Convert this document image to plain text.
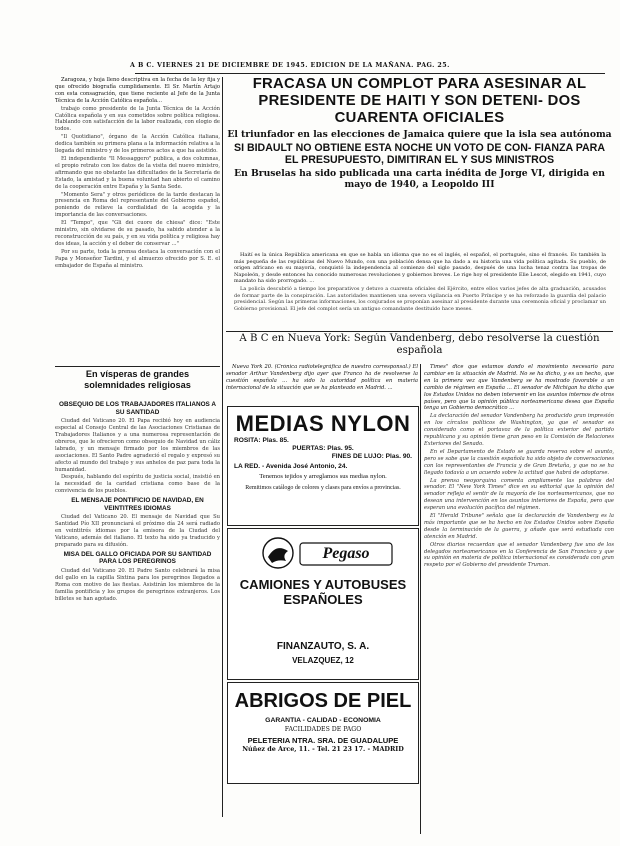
A B C. VIERNES 21 DE DICIEMBRE DE 1945. EDICION DE LA MAÑANA. PAG. 25.

Zaragoza, y hoja lleno descriptiva en la fecha de la ley fija y que ofrecido biografía cumplidamente. El Sr. Martín Artajo con esta consagración, que tiene reciente al Jefe de la Junta Técnica de la Acción Católica española...

trabajo como presidente de la Junta Técnica de la Acción Católica española y en sus cometidos sobre política religiosa. Hablando con satisfacción de la labor realizada, con elogio de todos.

"Il Quotidiano", órgano de la Acción Católica italiana, dedica también su primera plana a la información relativa a la llegada del ministro y de los primeros actos a que ha asistido.

El independiente "Il Messaggero" publica, a dos columnas, el propio retrato con los datos de la visita del nuevo ministro, afirmando que no obstante las dificultades de la Secretaría de Estado, la amistad y la buena voluntad han abierto el camino de la cooperación entre España y la Santa Sede.

"Momento Sera" y otros periódicos de la tarde destacan la presencia en Roma del representante del Gobierno español, poniendo de relieve la cordialidad de la acogida y la importancia de las conversaciones.

El "Tempo", que "Gli dei cuore de chiesa" dice: "Este ministro, sin olvidarse de su pasado, ha sabido atender a la reconstrucción de su país, y en su vida política y religiosa hay dos ideas, la acción y el deber de conservar ..."

Por su parte, toda la prensa destaca la conversación con el Papa y Monseñor Tardini, y el almuerzo ofrecido por S. E. el embajador de España al ministro.

En vísperas de grandes solemnidades religiosas
OBSEQUIO DE LOS TRABAJADORES ITALIANOS A SU SANTIDAD

Ciudad del Vaticano 20. El Papa recibió hoy en audiencia especial al Consejo Central de las Asociaciones Cristianas de Trabajadores Italianos y a una numerosa representación de obreros, que le ofrecieron como obsequio de Navidad un cáliz labrado, y un mensaje firmado por los miembros de las asociaciones. El Santo Padre agradeció el regalo y expresó su afecto al mundo del trabajo y sus anhelos de paz para toda la humanidad.

Después, hablando del espíritu de justicia social, insistió en la necesidad de la caridad cristiana como base de la convivencia de los pueblos.

EL MENSAJE PONTIFICIO DE NAVIDAD, EN VEINTITRES IDIOMAS

Ciudad del Vaticano 20. El mensaje de Navidad que Su Santidad Pío XII pronunciará el próximo día 24 será radiado en veintitrés idiomas por la emisora de la Ciudad del Vaticano, además del italiano. El texto ha sido ya traducido y preparado para su difusión.

MISA DEL GALLO OFICIADA POR SU SANTIDAD PARA LOS PEREGRINOS

Ciudad del Vaticano 20. El Padre Santo celebrará la misa del gallo en la capilla Sixtina para los peregrinos llegados a Roma con motivo de las fiestas. Asistirán los miembros de la familia pontificia y los grupos de peregrinos extranjeros. Los billetes se han agotado.

FRACASA UN COMPLOT PARA ASESINAR AL PRESIDENTE DE HAITI Y SON DETENI- DOS CUARENTA OFICIALES
El triunfador en las elecciones de Jamaica quiere que la isla sea autónoma
SI BIDAULT NO OBTIENE ESTA NOCHE UN VOTO DE CON- FIANZA PARA EL PRESUPUESTO, DIMITIRAN EL Y SUS MINISTROS
En Bruselas ha sido publicada una carta inédita de Jorge VI, dirigida en mayo de 1940, a Leopoldo III

Haití es la única República americana en que se habla un idioma que no es el inglés, el español, el portugués, sino el francés. Es también la más pequeña de las repúblicas del Nuevo Mundo, con una población densa que ha dado a su historia una vida política agitada. Su pueblo, de origen africano en su mayoría, conquistó la independencia al comienzo del siglo pasado, después de una lucha tenaz contra las tropas de Napoleón, y desde entonces ha conocido numerosas revoluciones y gobiernos breves. Le rige hoy el presidente Elie Lescot, elegido en 1941, cuyo mandato ha sido prorrogado. ...

La policía descubrió a tiempo los preparativos y detuvo a cuarenta oficiales del Ejército, entre ellos varios jefes de alta graduación, acusados de formar parte de la conspiración. Las autoridades mantienen una severa vigilancia en Puerto Príncipe y se ha reforzado la guardia del palacio presidencial. Según las primeras informaciones, los conjurados se proponían asesinar al presidente durante una ceremonia oficial y proclamar un Gobierno provisional. El jefe del complot sería un antiguo comandante destituido hace meses.

A B C en Nueva York: Según Vandenberg, debo resolverse la cuestión española

Nueva York 20. (Crónica radiotelegráfica de nuestro corresponsal.) El senador Arthur Vandenberg dijo ayer que Franco ha de resolverse la cuestión española ... ha sido la autoridad política en materia internacional de la situación que se ha planteado en Madrid. ...

Times" dice que estamos dando el movimiento necesario para cambiar en la situación de Madrid. No se ha dicho, y es un hecho, que en la primera vez que Vandenberg se ha mostrado favorable a un cambio de régimen en España ... El senador de Michigan ha dicho que los Estados Unidos no deben intervenir en los asuntos internos de otros países, pero que la opinión pública norteamericana desea que España tenga un Gobierno democrático ...

La declaración del senador Vandenberg ha producido gran impresión en los círculos políticos de Washington, ya que el senador es considerado como el portavoz de la política exterior del partido republicano y su opinión tiene gran peso en la Comisión de Relaciones Exteriores del Senado.

En el Departamento de Estado se guarda reserva sobre el asunto, pero se sabe que la cuestión española ha sido objeto de conversaciones con los representantes de Francia y de Gran Bretaña, y que no se ha llegado todavía a un acuerdo sobre la actitud que habrá de adoptarse.

La prensa neoyorquina comenta ampliamente las palabras del senador. El "New York Times" dice en su editorial que la opinión del senador refleja el sentir de la mayoría de los norteamericanos, que no desean una intervención en los asuntos interiores de España, pero que esperan una evolución pacífica del régimen.

El "Herald Tribune" señala que la declaración de Vandenberg es la más importante que se ha hecho en los Estados Unidos sobre España desde la terminación de la guerra, y añade que será estudiada con atención en Madrid.

Otros diarios recuerdan que el senador Vandenberg fue uno de los delegados norteamericanos en la Conferencia de San Francisco y que su opinión en materia de política internacional es considerada con gran respeto por el Gobierno del presidente Truman.

MEDIAS NYLON
ROSITA: Plas. 85.
PUERTAS: Plas. 95.
FINES DE LUJO: Plas. 90.
LA RED. - Avenida José Antonio, 24.
Tenemos tejidos y arreglamos sus medias nylon.
Remitimos catálogo de colores y clases para envíos a provincias.
Pegaso
CAMIONES Y AUTOBUSES ESPAÑOLES
FINANZAUTO, S. A.
VELAZQUEZ, 12
ABRIGOS DE PIEL
GARANTIA - CALIDAD - ECONOMIA
FACILIDADES DE PAGO
PELETERIA NTRA. SRA. DE GUADALUPE
Núñez de Arce, 11. - Tel. 21 23 17. - MADRID
